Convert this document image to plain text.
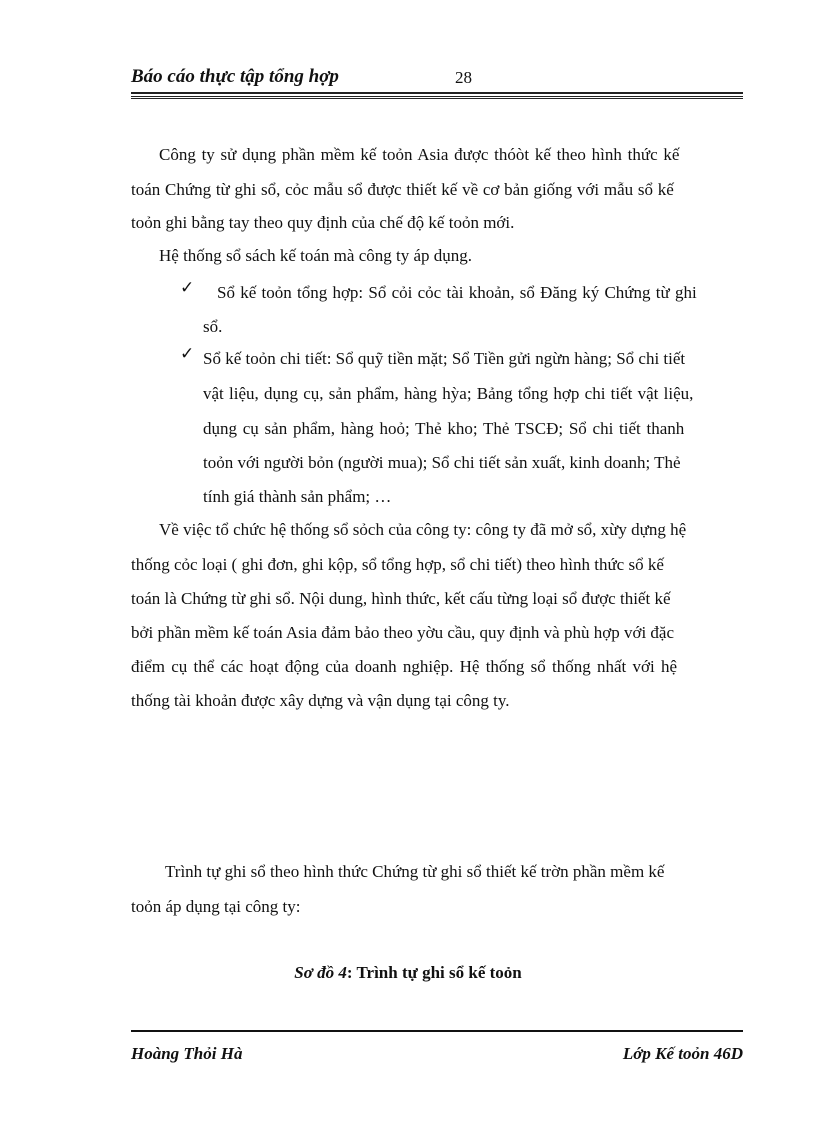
Báo cáo thực tập tổng hợp	28
Công ty sử dụng phần mềm kế toỏn Asia được thóòt kế theo hình thức kế
toán Chứng từ ghi sổ, cỏc mẫu sổ được thiết kế về cơ bản giống với mẫu sổ kế
toỏn ghi bằng tay theo quy định của chế độ kế toỏn mới.
Hệ thống sổ sách kế toán mà công ty áp dụng.
✓ Sổ kế toỏn tổng hợp: Sổ cỏi cỏc tài khoản, sổ Đăng ký Chứng từ ghi
sổ.
✓ Sổ kế toỏn chi tiết: Sổ quỹ tiền mặt; Sổ Tiền gửi ngừn hàng; Sổ chi tiết
vật liệu, dụng cụ, sản phẩm, hàng hỳa; Bảng tổng hợp chi tiết vật liệu,
dụng cụ sản phẩm, hàng hoỏ; Thẻ kho; Thẻ TSCĐ; Sổ chi tiết thanh
toỏn với người bỏn (người mua); Sổ chi tiết sản xuất, kinh doanh; Thẻ
tính giá thành sản phẩm; …
Về việc tổ chức hệ thống sổ sỏch của công ty: công ty đã mở sổ, xừy dựng hệ
thống cỏc loại ( ghi đơn, ghi kộp, sổ tổng hợp, sổ chi tiết) theo hình thức sổ kế
toán là Chứng từ ghi sổ. Nội dung, hình thức, kết cấu từng loại sổ được thiết kế
bởi phần mềm kế toán Asia đảm bảo theo yờu cầu, quy định và phù hợp với đặc
điểm cụ thể các hoạt động của doanh nghiệp. Hệ thống sổ thống nhất với hệ
thống tài khoản được xây dựng và vận dụng tại công ty.
Trình tự ghi sổ theo hình thức Chứng từ ghi sổ thiết kế trờn phần mềm kế
toỏn áp dụng tại công ty:
Sơ đồ 4: Trình tự ghi sổ kế toỏn
Hoàng Thỏi Hà	Lớp Kế toỏn 46D
